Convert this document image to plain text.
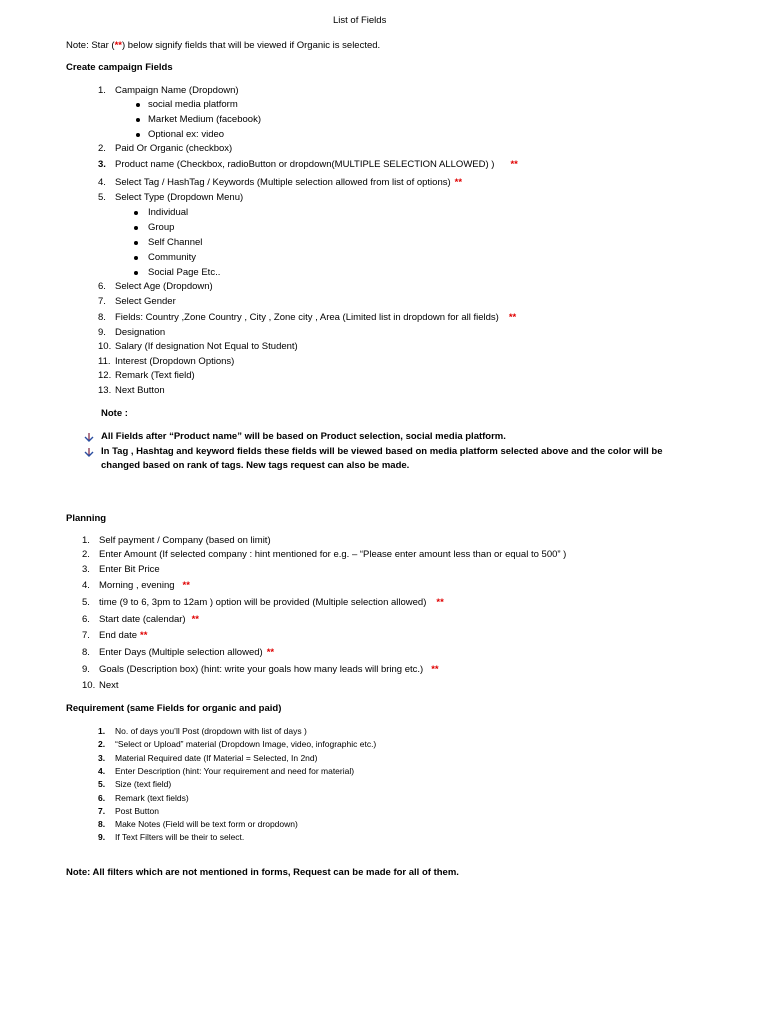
List of Fields
Note: Star (**) below signify fields that will be viewed if Organic is selected.
Create campaign Fields
1. Campaign Name (Dropdown)
social media platform
Market Medium (facebook)
Optional ex: video
2. Paid Or Organic (checkbox)
3. Product name (Checkbox, radioButton or dropdown(MULTIPLE SELECTION ALLOWED) ) **
4. Select Tag / HashTag / Keywords (Multiple selection allowed from list of options) **
5. Select Type (Dropdown Menu)
Individual
Group
Self Channel
Community
Social Page Etc..
6. Select Age (Dropdown)
7. Select Gender
8. Fields: Country ,Zone Country , City , Zone city , Area (Limited list in dropdown for all fields) **
9. Designation
10. Salary (If designation Not Equal to Student)
11. Interest (Dropdown Options)
12. Remark (Text field)
13. Next Button
Note :
All Fields after “Product name” will be based on Product selection, social media platform.
In Tag , Hashtag and keyword fields these fields will be viewed based on media platform selected above and the color will be
changed based on rank of tags. New tags request can also be made.
Planning
1. Self payment / Company (based on limit)
2. Enter Amount (If selected company : hint mentioned for e.g. – “Please enter amount less than or equal to 500” )
3. Enter Bit Price
4. Morning , evening **
5. time (9 to 6, 3pm to 12am ) option will be provided (Multiple selection allowed) **
6. Start date (calendar) **
7. End date **
8. Enter Days (Multiple selection allowed) **
9. Goals (Description box) (hint: write your goals how many leads will bring etc.) **
10. Next
Requirement (same Fields for organic and paid)
1. No. of days you’ll Post (dropdown with list of days )
2. “Select or Upload” material (Dropdown Image, video, infographic etc.)
3. Material Required date (If Material = Selected, In 2nd)
4. Enter Description (hint: Your requirement and need for material)
5. Size (text field)
6. Remark (text fields)
7. Post Button
8. Make Notes (Field will be text form or dropdown)
9. If Text Filters will be their to select.
Note: All filters which are not mentioned in forms, Request can be made for all of them.
